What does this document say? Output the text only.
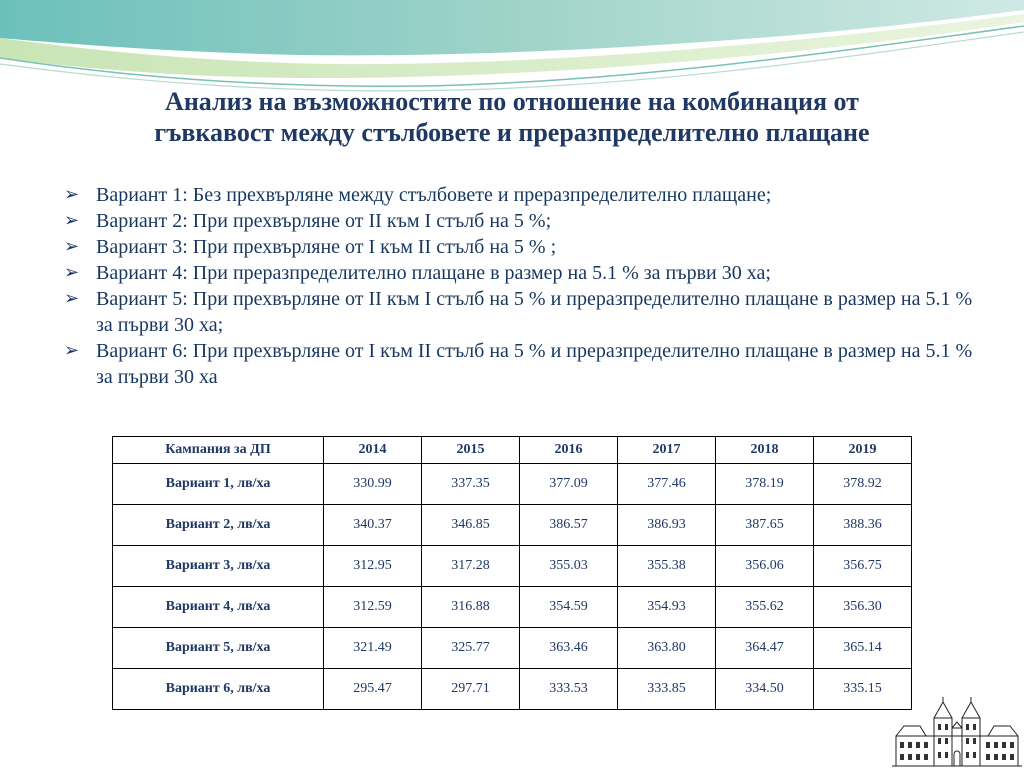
Анализ на възможностите по отношение на комбинация от
гъвкавост между стълбовете и преразпределително плащане
➢ Вариант 1: Без прехвърляне между стълбовете и преразпределително плащане;
➢ Вариант 2: При прехвърляне от II към I стълб на 5 %;
➢ Вариант 3: При прехвърляне от I към II стълб на 5 % ;
➢ Вариант 4: При преразпределително плащане в размер на 5.1 % за първи 30 ха;
➢ Вариант 5: При прехвърляне от II към I стълб на 5 % и преразпределително плащане в размер на 5.1 % за първи 30 ха;
➢ Вариант 6: При прехвърляне от I към II стълб на 5 % и преразпределително плащане в размер на 5.1 % за първи 30 ха
Кампания за ДП	2014	2015	2016	2017	2018	2019
Вариант 1, лв/ха	330.99	337.35	377.09	377.46	378.19	378.92
Вариант 2, лв/ха	340.37	346.85	386.57	386.93	387.65	388.36
Вариант 3, лв/ха	312.95	317.28	355.03	355.38	356.06	356.75
Вариант 4, лв/ха	312.59	316.88	354.59	354.93	355.62	356.30
Вариант 5, лв/ха	321.49	325.77	363.46	363.80	364.47	365.14
Вариант 6, лв/ха	295.47	297.71	333.53	333.85	334.50	335.15
